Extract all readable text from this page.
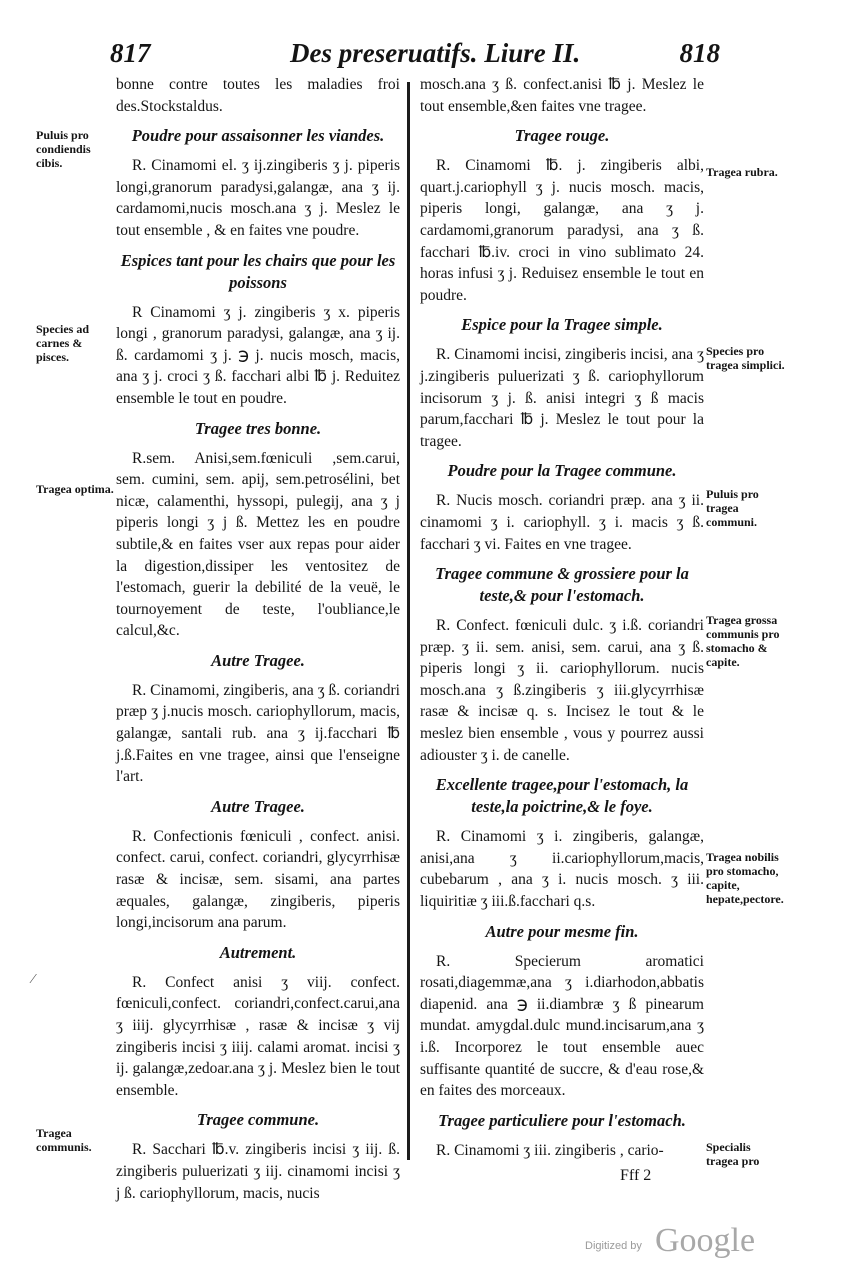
817	Des preseruatifs. Liure II.	818

bonne contre toutes les maladies froi des.Stockstaldus.

Poudre pour assaisonner les viandes.

R. Cinamomi el. ʒ ij.zingiberis ʒ j. piperis longi,granorum paradysi,galangæ, ana ʒ ij. cardamomi,nucis mosch.ana ʒ j. Meslez le tout ensemble , & en faites vne poudre.

Espices tant pour les chairs que pour les poissons

R Cinamomi ʒ j. zingiberis ʒ x. piperis longi , granorum paradysi, galangæ, ana ʒ ij. ß. cardamomi ʒ j. ℈ j. nucis mosch, macis, ana ʒ j. croci ʒ ß. facchari albi ℔ j. Reduitez ensemble le tout en poudre.

Tragee tres bonne.

R.sem. Anisi,sem.fœniculi ,sem.carui, sem. cumini, sem. apij, sem.petrosélini, bet nicæ, calamenthi, hyssopi, pulegij, ana ʒ j piperis longi ʒ j ß. Mettez les en poudre subtile,& en faites vser aux repas pour aider la digestion,dissiper les ventositez de l'estomach, guerir la debilité de la veuë, le tournoyement de teste, l'oubliance,le calcul,&c.

Autre Tragee.

R. Cinamomi, zingiberis, ana ʒ ß. coriandri præp ʒ j.nucis mosch. cariophyllorum, macis, galangæ, santali rub. ana ʒ ij.facchari ℔ j.ß.Faites en vne tragee, ainsi que l'enseigne l'art.

Autre Tragee.

R. Confectionis fœniculi , confect. anisi. confect. carui, confect. coriandri, glycyrrhisæ rasæ & incisæ, sem. sisami, ana partes æquales, galangæ, zingiberis, piperis longi,incisorum ana parum.

Autrement.

R. Confect anisi ʒ viij. confect. fœniculi,confect. coriandri,confect.carui,ana ʒ iiij. glycyrrhisæ , rasæ & incisæ ʒ vij zingiberis incisi ʒ iiij. calami aromat. incisi ʒ ij. galangæ,zedoar.ana ʒ j. Meslez bien le tout ensemble.

Tragee commune.

R. Sacchari ℔.v. zingiberis incisi ʒ iij. ß. zingiberis puluerizati ʒ iij. cinamomi incisi ʒ j ß. cariophyllorum, macis, nucis

mosch.ana ʒ ß. confect.anisi ℔ j. Meslez le tout ensemble,&en faites vne tragee.

Tragee rouge.

R. Cinamomi ℔. j. zingiberis albi, quart.j.cariophyll ʒ j. nucis mosch. macis, piperis longi, galangæ, ana ʒ j. cardamomi,granorum paradysi, ana ʒ ß. facchari ℔.iv. croci in vino sublimato 24. horas infusi ʒ j. Reduisez ensemble le tout en poudre.

Espice pour la Tragee simple.

R. Cinamomi incisi, zingiberis incisi, ana ʒ j.zingiberis puluerizati ʒ ß. cariophyllorum incisorum ʒ j. ß. anisi integri ʒ ß macis parum,facchari ℔ j. Meslez le tout pour la tragee.

Poudre pour la Tragee commune.

R. Nucis mosch. coriandri præp. ana ʒ ii. cinamomi ʒ i. cariophyll. ʒ i. macis ʒ ß. facchari ʒ vi. Faites en vne tragee.

Tragee commune & grossiere pour la teste,& pour l'estomach.

R. Confect. fœniculi dulc. ʒ i.ß. coriandri præp. ʒ ii. sem. anisi, sem. carui, ana ʒ ß. piperis longi ʒ ii. cariophyllorum. nucis mosch.ana ʒ ß.zingiberis ʒ iii.glycyrrhisæ rasæ & incisæ q. s. Incisez le tout & le meslez bien ensemble , vous y pourrez aussi adiouster ʒ i. de canelle.

Excellente tragee,pour l'estomach, la teste,la poictrine,& le foye.

R. Cinamomi ʒ i. zingiberis, galangæ, anisi,ana ʒ ii.cariophyllorum,macis, cubebarum , ana ʒ i. nucis mosch. ʒ iii. liquiritiæ ʒ iii.ß.facchari q.s.

Autre pour mesme fin.

R. Specierum aromatici rosati,diagemmæ,ana ʒ i.diarhodon,abbatis diapenid. ana ℈ ii.diambræ ʒ ß pinearum mundat. amygdal.dulc mund.incisarum,ana ʒ i.ß. Incorporez le tout ensemble auec suffisante quantité de succre, & d'eau rose,& en faites des morceaux.

Tragee particuliere pour l'estomach.

R. Cinamomi ʒ iii. zingiberis , cario-

Puluis pro condiendis cibis.
Species ad carnes & pisces.
Tragea optima.
Tragea communis.
Tragea rubra.
Species pro tragea simplici.
Puluis pro tragea communi.
Tragea grossa communis pro stomacho & capite.
Tragea nobilis pro stomacho, capite, hepate,pectore.
Specialis tragea pro
⁄
Fff 2
Digitized by Google
